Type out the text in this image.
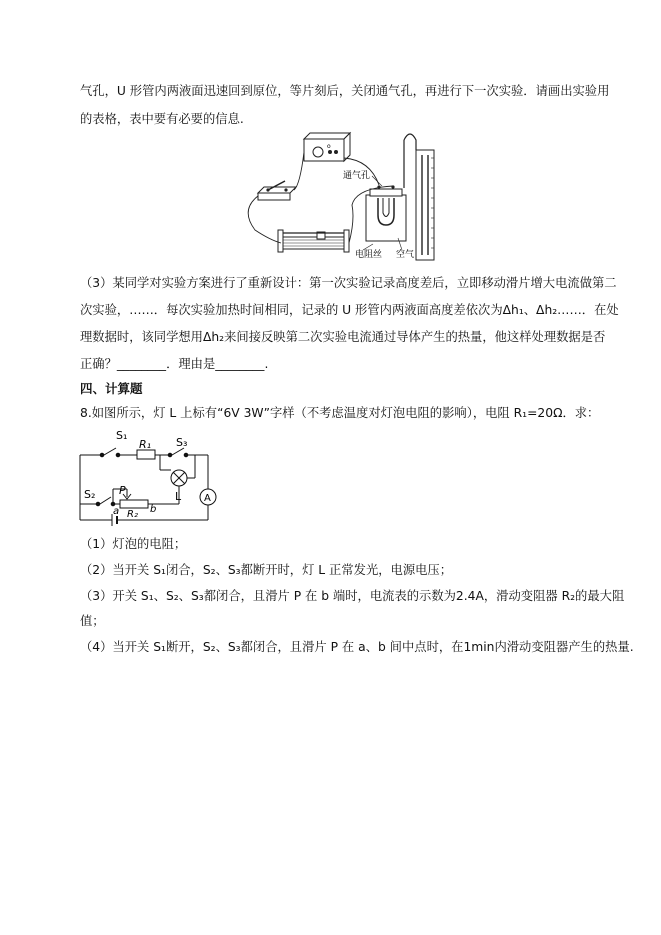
气孔，U 形管内两液面迅速回到原位，等片刻后，关闭通气孔，再进行下一次实验．请画出实验用
的表格，表中要有必要的信息.
o
通气孔
电阻丝 空气
（3）某同学对实验方案进行了重新设计：第一次实验记录高度差后，立即移动滑片增大电流做第二
次实验，……．每次实验加热时间相同，记录的 U 形管内两液面高度差依次为Δh₁、Δh₂……．在处
理数据时，该同学想用Δh₂来间接反映第二次实验电流通过导体产生的热量，他这样处理数据是否
正确？________．理由是________.
四、计算题
8.如图所示，灯 L 上标有“6V 3W”字样（不考虑温度对灯泡电阻的影响），电阻 R₁=20Ω．求：
S₁
R₁ S₃
S₂	L A
P
R₂
a	b
（1）灯泡的电阻；
（2）当开关 S₁闭合，S₂、S₃都断开时，灯 L 正常发光，电源电压；
（3）开关 S₁、S₂、S₃都闭合，且滑片 P 在 b 端时，电流表的示数为2.4A，滑动变阻器 R₂的最大阻
值；
（4）当开关 S₁断开，S₂、S₃都闭合，且滑片 P 在 a、b 间中点时，在1min内滑动变阻器产生的热量.
